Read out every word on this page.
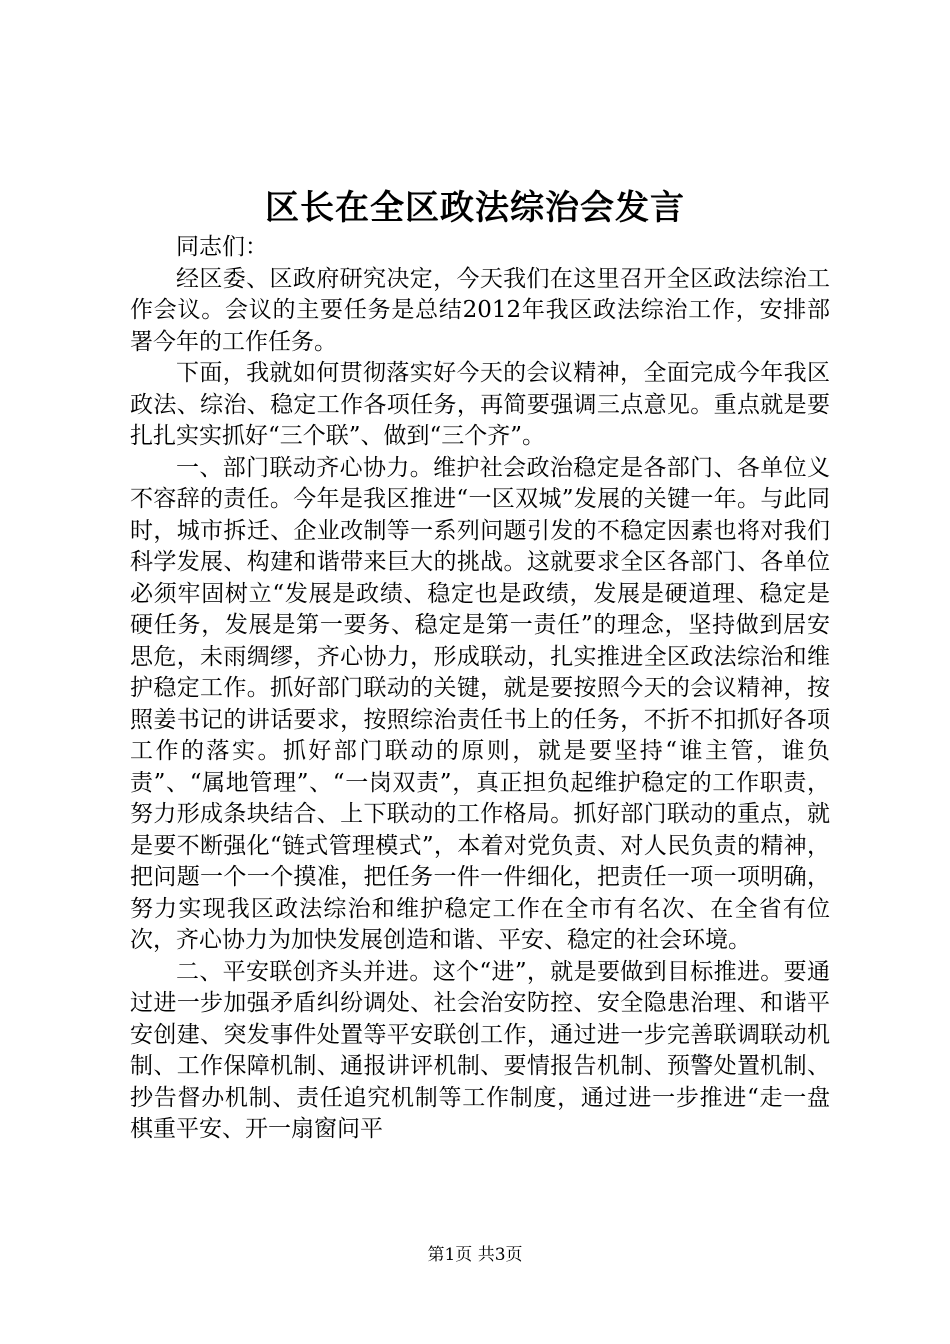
区长在全区政法综治会发言

同志们：

经区委、区政府研究决定，今天我们在这里召开全区政法综治工作会议。会议的主要任务是总结2012年我区政法综治工作，安排部署今年的工作任务。

下面，我就如何贯彻落实好今天的会议精神，全面完成今年我区政法、综治、稳定工作各项任务，再简要强调三点意见。重点就是要扎扎实实抓好“三个联”、做到“三个齐”。

一、部门联动齐心协力。维护社会政治稳定是各部门、各单位义不容辞的责任。今年是我区推进“一区双城”发展的关键一年。与此同时，城市拆迁、企业改制等一系列问题引发的不稳定因素也将对我们科学发展、构建和谐带来巨大的挑战。这就要求全区各部门、各单位必须牢固树立“发展是政绩、稳定也是政绩，发展是硬道理、稳定是硬任务，发展是第一要务、稳定是第一责任”的理念，坚持做到居安思危，未雨绸缪，齐心协力，形成联动，扎实推进全区政法综治和维护稳定工作。抓好部门联动的关键，就是要按照今天的会议精神，按照姜书记的讲话要求，按照综治责任书上的任务，不折不扣抓好各项工作的落实。抓好部门联动的原则，就是要坚持“谁主管，谁负责”、“属地管理”、“一岗双责”，真正担负起维护稳定的工作职责，努力形成条块结合、上下联动的工作格局。抓好部门联动的重点，就是要不断强化“链式管理模式”，本着对党负责、对人民负责的精神，把问题一个一个摸准，把任务一件一件细化，把责任一项一项明确，努力实现我区政法综治和维护稳定工作在全市有名次、在全省有位次，齐心协力为加快发展创造和谐、平安、稳定的社会环境。

二、平安联创齐头并进。这个“进”，就是要做到目标推进。要通过进一步加强矛盾纠纷调处、社会治安防控、安全隐患治理、和谐平安创建、突发事件处置等平安联创工作，通过进一步完善联调联动机制、工作保障机制、通报讲评机制、要情报告机制、预警处置机制、抄告督办机制、责任追究机制等工作制度，通过进一步推进“走一盘棋重平安、开一扇窗问平

第1页 共3页
